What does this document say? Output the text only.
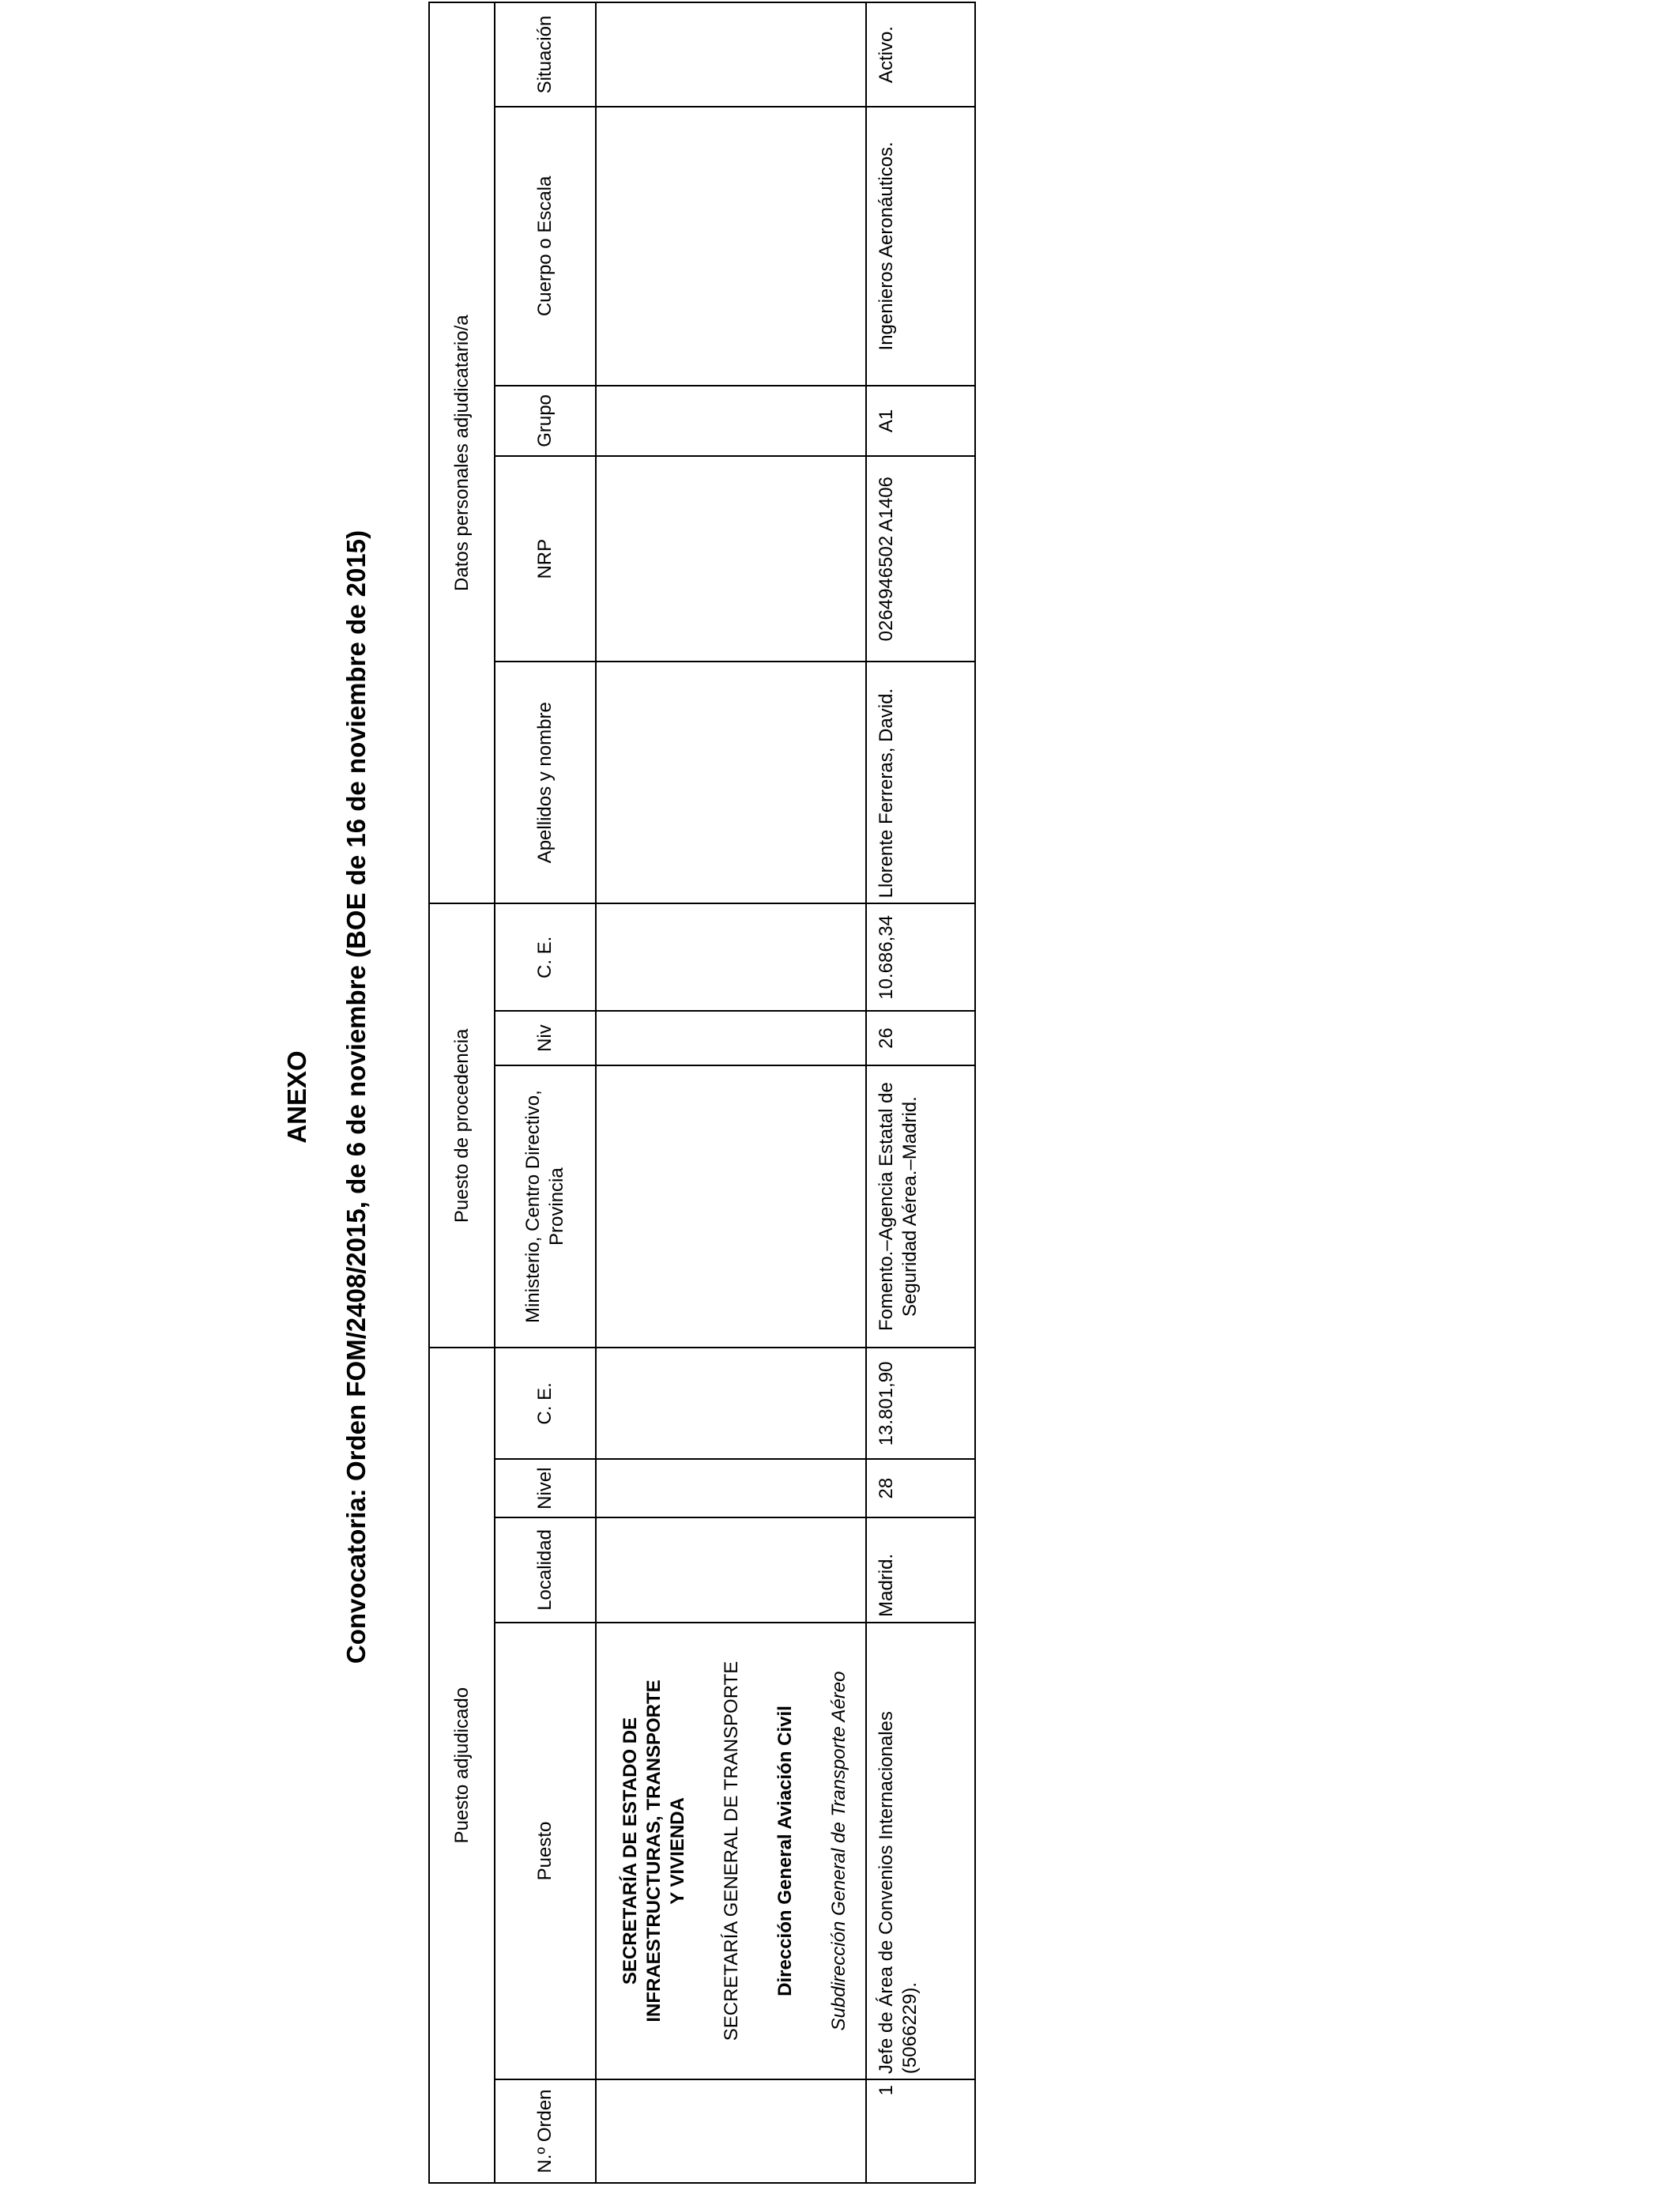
ANEXO Convocatoria: Orden FOM/2408/2015, de 6 de noviembre (BOE de 16 de noviembre de 2015)
Puesto adjudicado					Puesto de procedencia			Datos personales adjudicatario/a				
N.º Orden	Puesto	Localidad	Nivel	C. E.	Ministerio, Centro Directivo, Provincia	Niv	C. E.	Apellidos y nombre	NRP	Grupo	Cuerpo o Escala	Situación

	SECRETARÍA DE ESTADO DE INFRAESTRUCTURAS, TRANSPORTE Y VIVIENDA SECRETARÍA GENERAL DE TRANSPORTE Dirección General Aviación Civil Subdirección General de Transporte Aéreo											

1	Jefe de Área de Convenios Internacionales (5066229).	Madrid.	28	13.801,90	Fomento.–Agencia Estatal de Seguridad Aérea.–Madrid.	26	10.686,34	Llorente Ferreras, David.	0264946502 A1406	A1	Ingenieros Aeronáuticos.	Activo.
